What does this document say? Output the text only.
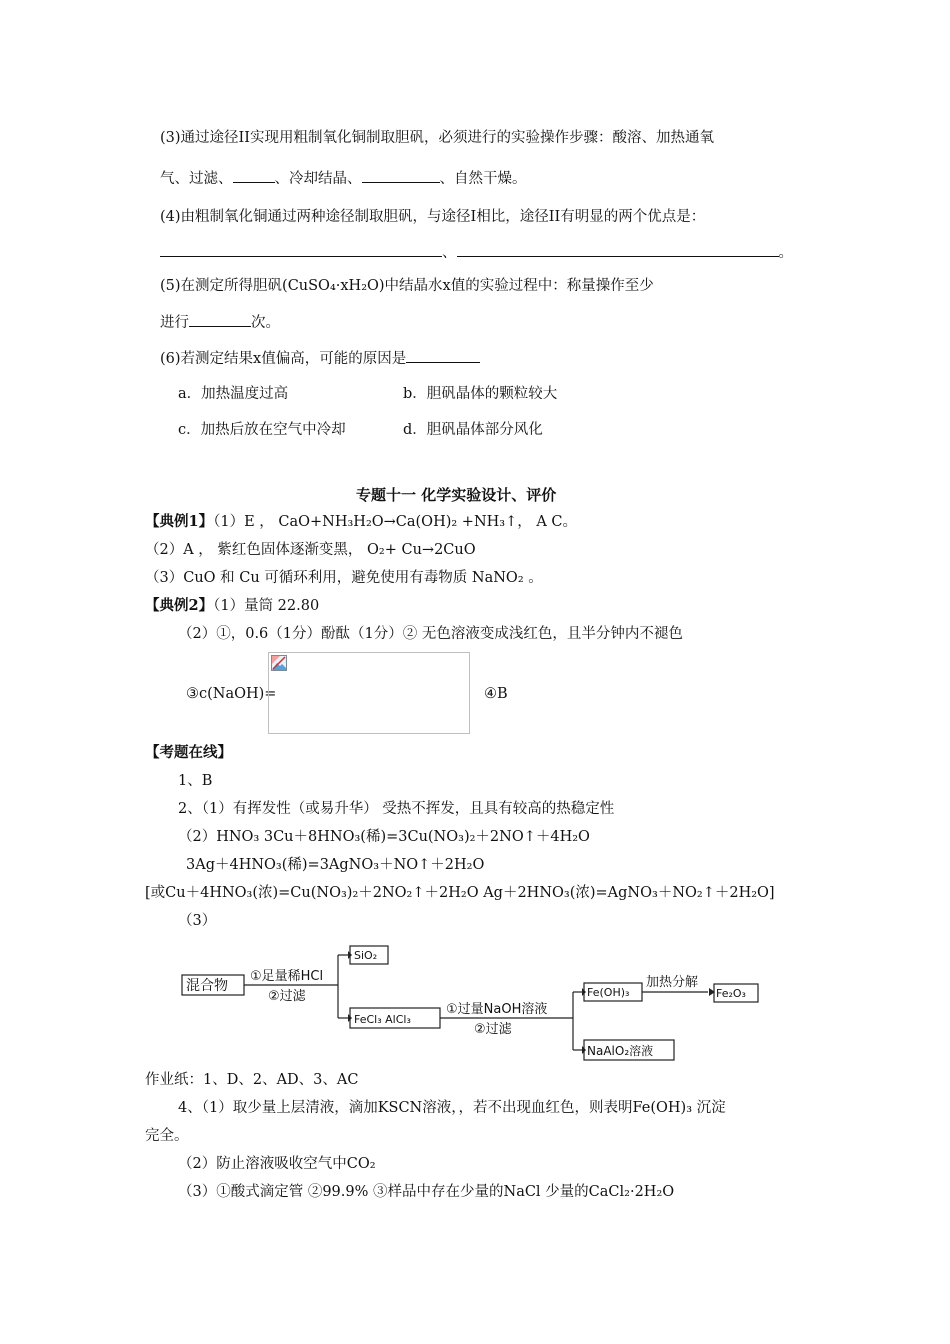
(3)通过途径II实现用粗制氧化铜制取胆矾，必须进行的实验操作步骤：酸溶、加热通氧
气、过滤、	、冷却结晶、	、自然干燥。
(4)由粗制氧化铜通过两种途径制取胆矾，与途径I相比，途径II有明显的两个优点是：
、	。
(5)在测定所得胆矾(CuSO₄·xH₂O)中结晶水x值的实验过程中：称量操作至少
进行	次。
(6)若测定结果x值偏高，可能的原因是
a．加热温度过高	b．胆矾晶体的颗粒较大
c．加热后放在空气中冷却	d．胆矾晶体部分风化
专题十一 化学实验设计、评价
【典例1】（1）E ， CaO+NH₃H₂O→Ca(OH)₂ +NH₃↑， A C。
（2）A ， 紫红色固体逐渐变黑， O₂+ Cu→2CuO
（3）CuO 和 Cu 可循环利用，避免使用有毒物质 NaNO₂ 。
【典例2】（1）量筒 22.80
（2）①，0.6（1分）酚酞（1分）② 无色溶液变成浅红色，且半分钟内不褪色
③c(NaOH)=	④B
【考题在线】
1、B
2、（1）有挥发性（或易升华） 受热不挥发，且具有较高的热稳定性
（2）HNO₃ 3Cu＋8HNO₃(稀)=3Cu(NO₃)₂＋2NO↑＋4H₂O
3Ag＋4HNO₃(稀)=3AgNO₃＋NO↑＋2H₂O
[或Cu＋4HNO₃(浓)=Cu(NO₃)₂＋2NO₂↑＋2H₂O Ag＋2HNO₃(浓)=AgNO₃＋NO₂↑＋2H₂O]
（3）
混合物
①足量稀HCl
②过滤
SiO₂
FeCl₃ AlCl₃
①过量NaOH溶液
②过滤
Fe(OH)₃
加热分解
Fe₂O₃
NaAlO₂溶液
作业纸：1、D、2、AD、3、AC
4、（1）取少量上层清液，滴加KSCN溶液，，若不出现血红色，则表明Fe(OH)₃ 沉淀
完全。
（2）防止溶液吸收空气中CO₂
（3）①酸式滴定管 ②99.9% ③样品中存在少量的NaCl 少量的CaCl₂·2H₂O
